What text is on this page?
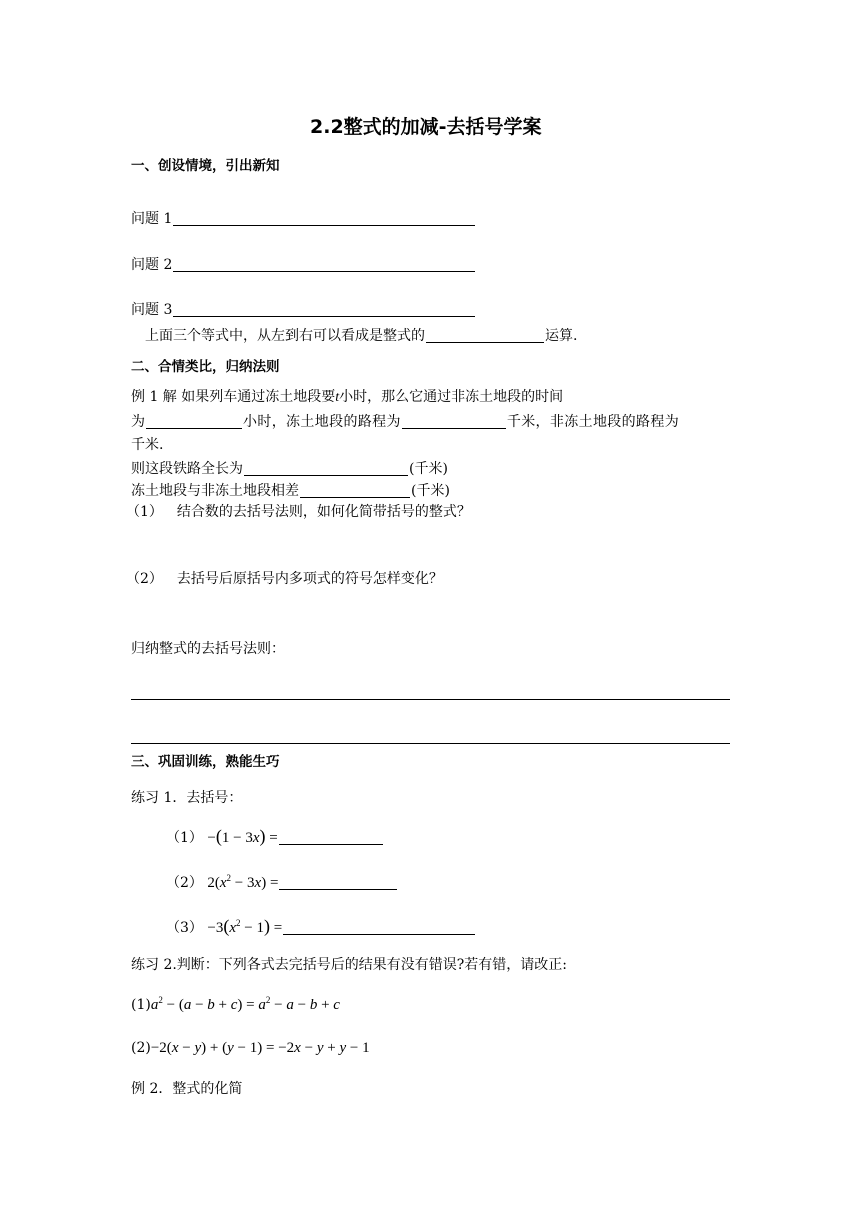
2.2整式的加减-去括号学案
一、创设情境，引出新知
问题 1
问题 2
问题 3
上面三个等式中，从左到右可以看成是整式的	运算.
二、合情类比，归纳法则
例 1 解 如果列车通过冻土地段要t小时，那么它通过非冻土地段的时间
为	小时，冻土地段的路程为	千米，非冻土地段的路程为
千米.
则这段铁路全长为	(千米)
冻土地段与非冻土地段相差	(千米)
（1） 结合数的去括号法则，如何化简带括号的整式？
（2） 去括号后原括号内多项式的符号怎样变化？
归纳整式的去括号法则：
三、巩固训练，熟能生巧
练习 1．去括号：
（1） −(1 − 3x) =
（2） $2(x^2 - 3x)$ =
$(3) -3(x^2 - 1)$ =
练习 2.判断：下列各式去完括号后的结果有没有错误?若有错，请改正:
$(1)a^2 - (a - b + c) = a^2 - a - b + c$
(2)−2(x − y) + (y − 1) = −2x − y + y − 1
例 2．整式的化简
